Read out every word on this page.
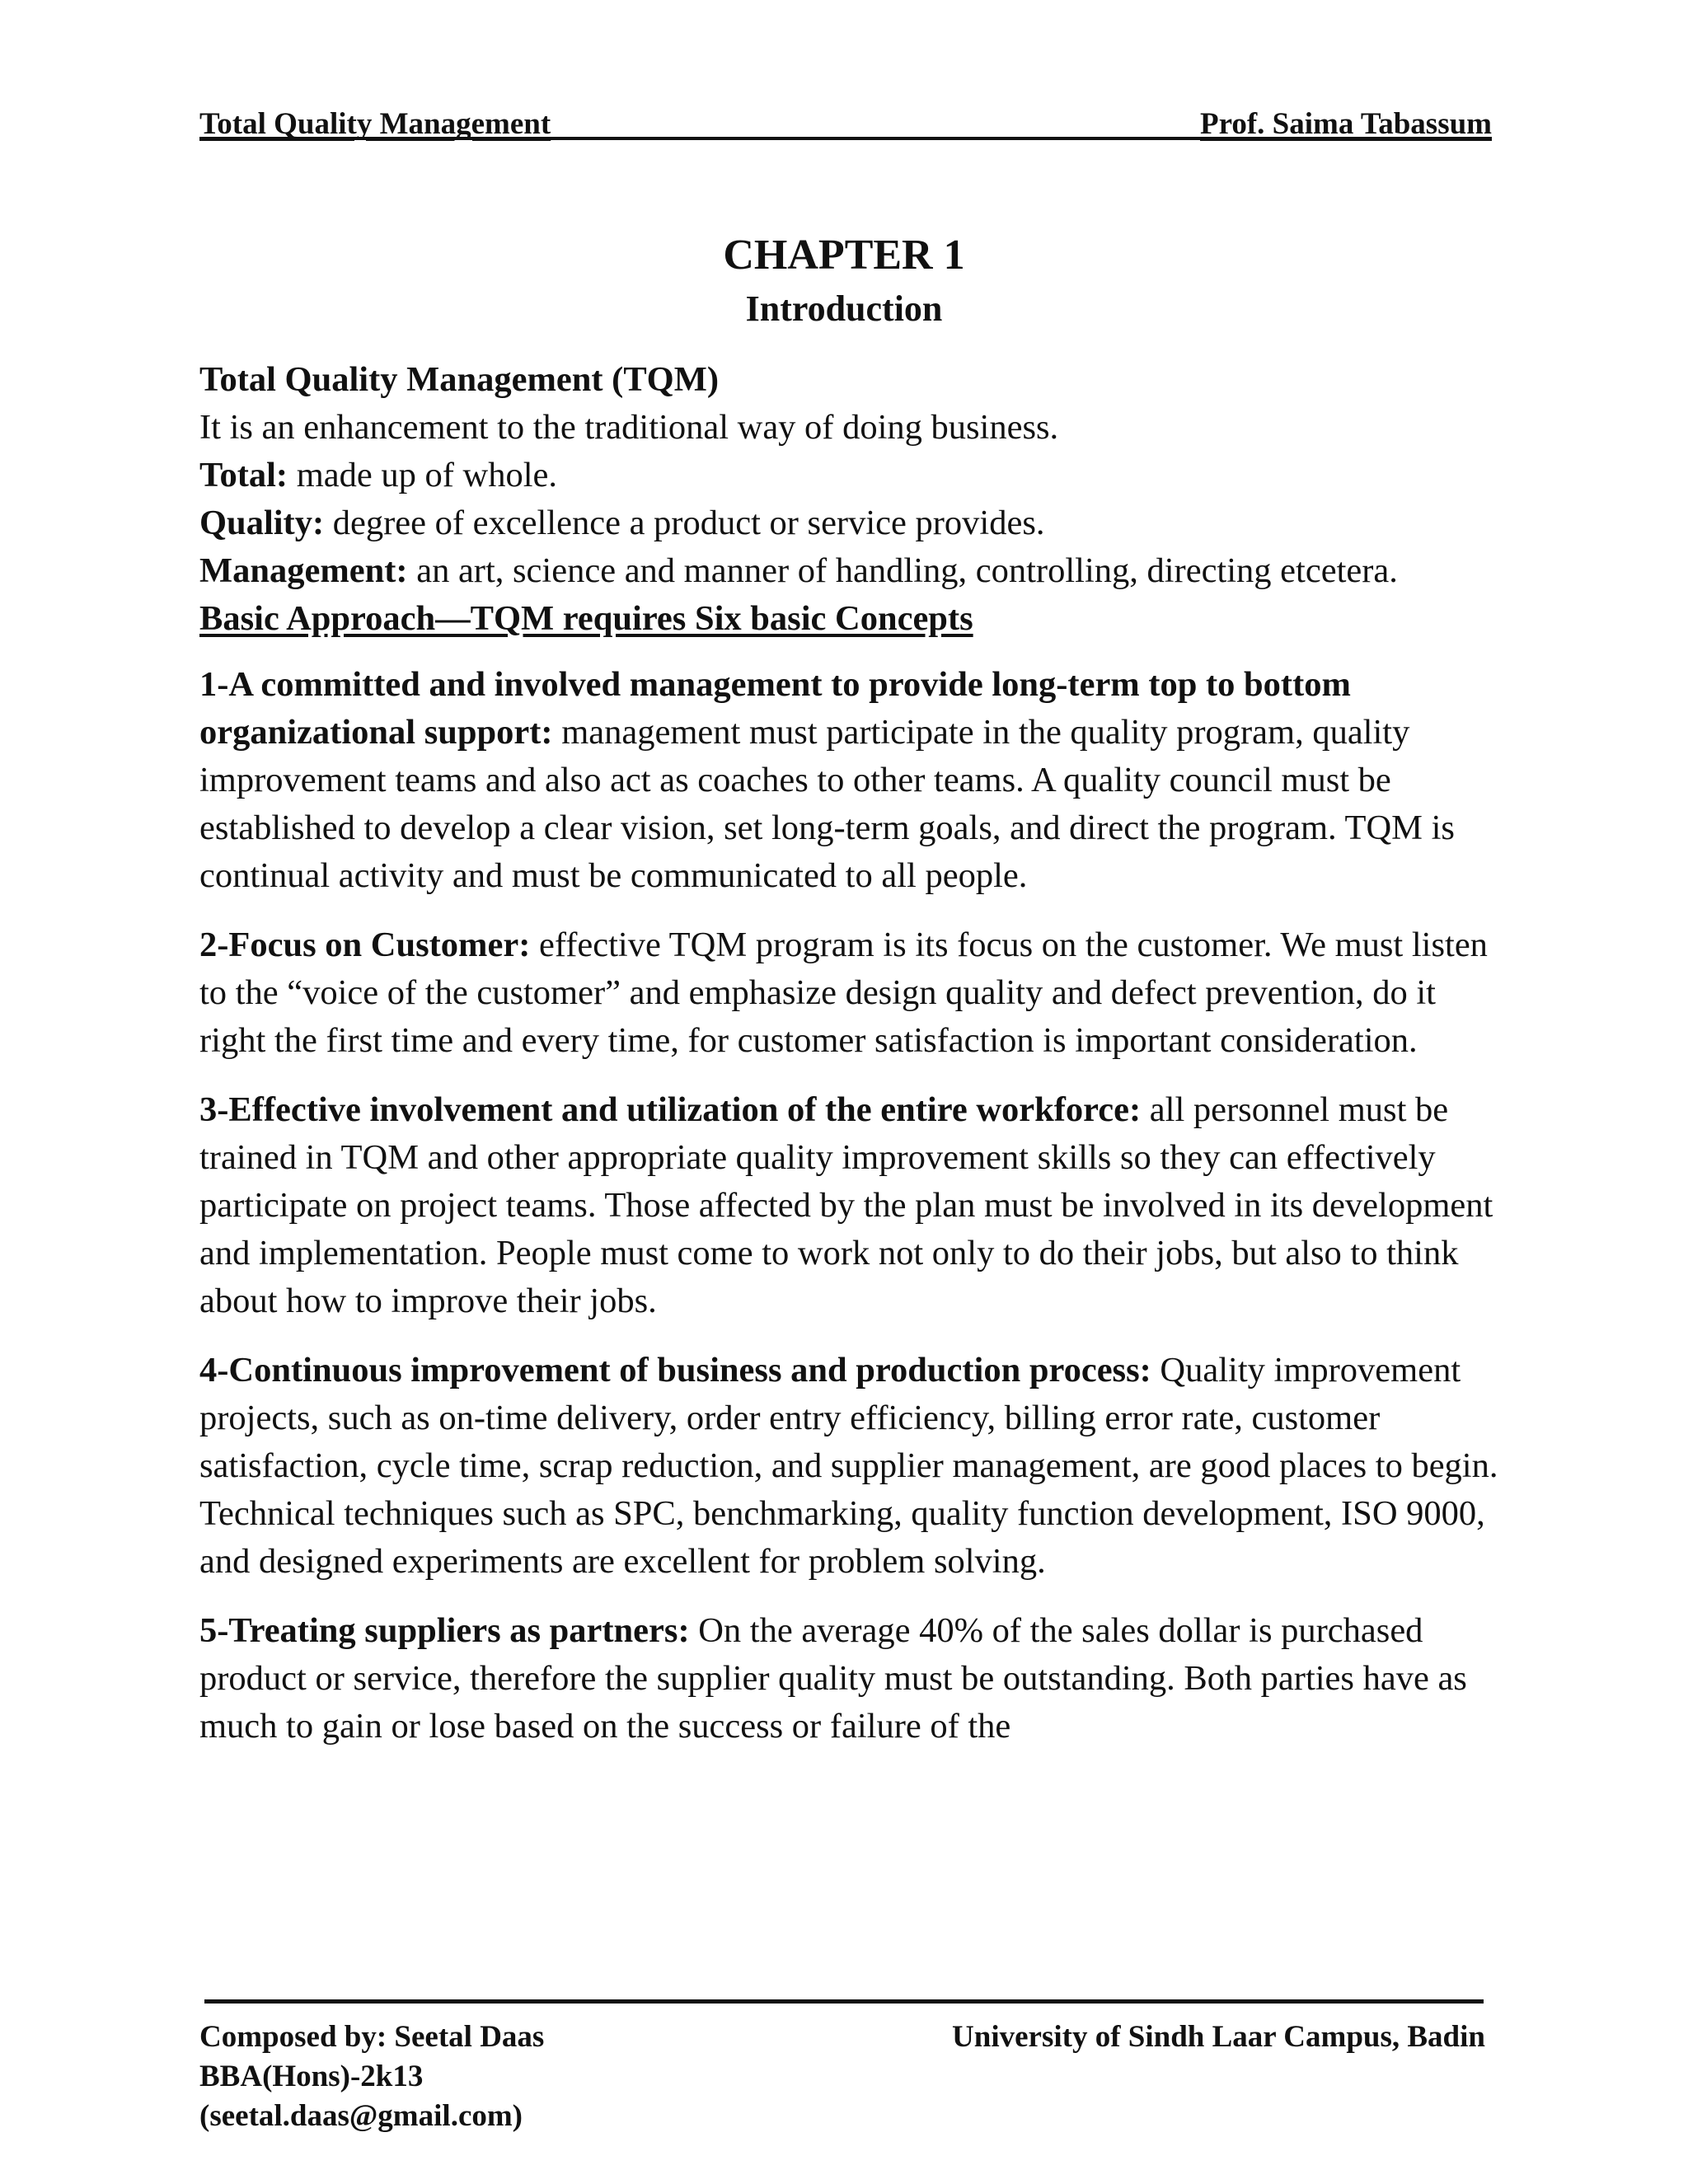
Total Quality Management	Prof. Saima Tabassum
CHAPTER 1
Introduction

Total Quality Management (TQM)

It is an enhancement to the traditional way of doing business.

Total: made up of whole.

Quality: degree of excellence a product or service provides.

Management: an art, science and manner of handling, controlling, directing etcetera.

Basic Approach—TQM requires Six basic Concepts

1-A committed and involved management to provide long-term top to bottom organizational support: management must participate in the quality program, quality improvement teams and also act as coaches to other teams. A quality council must be established to develop a clear vision, set long-term goals, and direct the program. TQM is continual activity and must be communicated to all people.

2-Focus on Customer: effective TQM program is its focus on the customer. We must listen to the “voice of the customer” and emphasize design quality and defect prevention, do it right the first time and every time, for customer satisfaction is important consideration.

3-Effective involvement and utilization of the entire workforce: all personnel must be trained in TQM and other appropriate quality improvement skills so they can effectively participate on project teams. Those affected by the plan must be involved in its development and implementation. People must come to work not only to do their jobs, but also to think about how to improve their jobs.

4-Continuous improvement of business and production process: Quality improvement projects, such as on-time delivery, order entry efficiency, billing error rate, customer satisfaction, cycle time, scrap reduction, and supplier management, are good places to begin. Technical techniques such as SPC, benchmarking, quality function development, ISO 9000, and designed experiments are excellent for problem solving.

5-Treating suppliers as partners: On the average 40% of the sales dollar is purchased product or service, therefore the supplier quality must be outstanding. Both parties have as much to gain or lose based on the success or failure of the

Composed by: Seetal Daas
BBA(Hons)-2k13
(seetal.daas@gmail.com)
University of Sindh Laar Campus, Badin
